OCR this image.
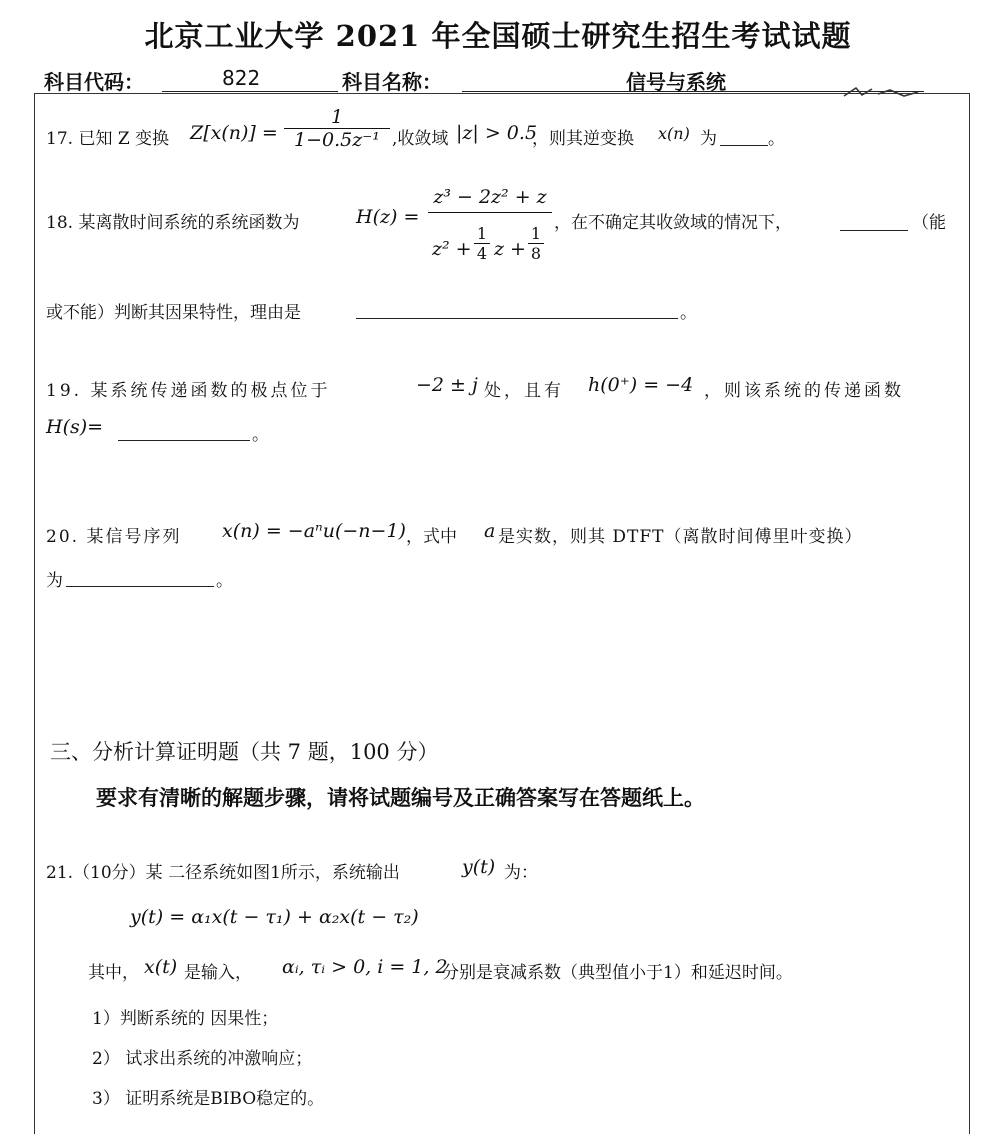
北京工业大学 2021 年全国硕士研究生招生考试试题
科目代码：	822	科目名称：	信号与系统
17. 已知 Z 变换 Z[x(n)] =
1
1−0.5z⁻¹ ,收敛域 |z| > 0.5
，则其逆变换 x(n) 为	。
18. 某离散时间系统的系统函数为	H(z) =
z³ − 2z² + z
z² +
1
4 z +
1
8
，在不确定其收敛域的情况下，	（能
或不能）判断其因果特性，理由是	。
19. 某系统传递函数的极点位于	−2 ± j 处，且有 h(0⁺) = −4 ，则该系统的传递函数
H(s)=	。
20. 某信号序列 x(n) = −aⁿu(−n−1) ，式中 a 是实数，则其 DTFT（离散时间傅里叶变换）
为	。
三、分析计算证明题（共 7 题，100 分）
要求有清晰的解题步骤，请将试题编号及正确答案写在答题纸上。
21.（10分）某 二径系统如图1所示，系统输出	y(t) 为：
y(t) = α₁x(t − τ₁) + α₂x(t − τ₂)
其中， x(t) 是输入， αᵢ, τᵢ > 0, i = 1, 2
分别是衰减系数（典型值小于1）和延迟时间。
1）判断系统的 因果性；
2） 试求出系统的冲激响应；
3） 证明系统是BIBO稳定的。
